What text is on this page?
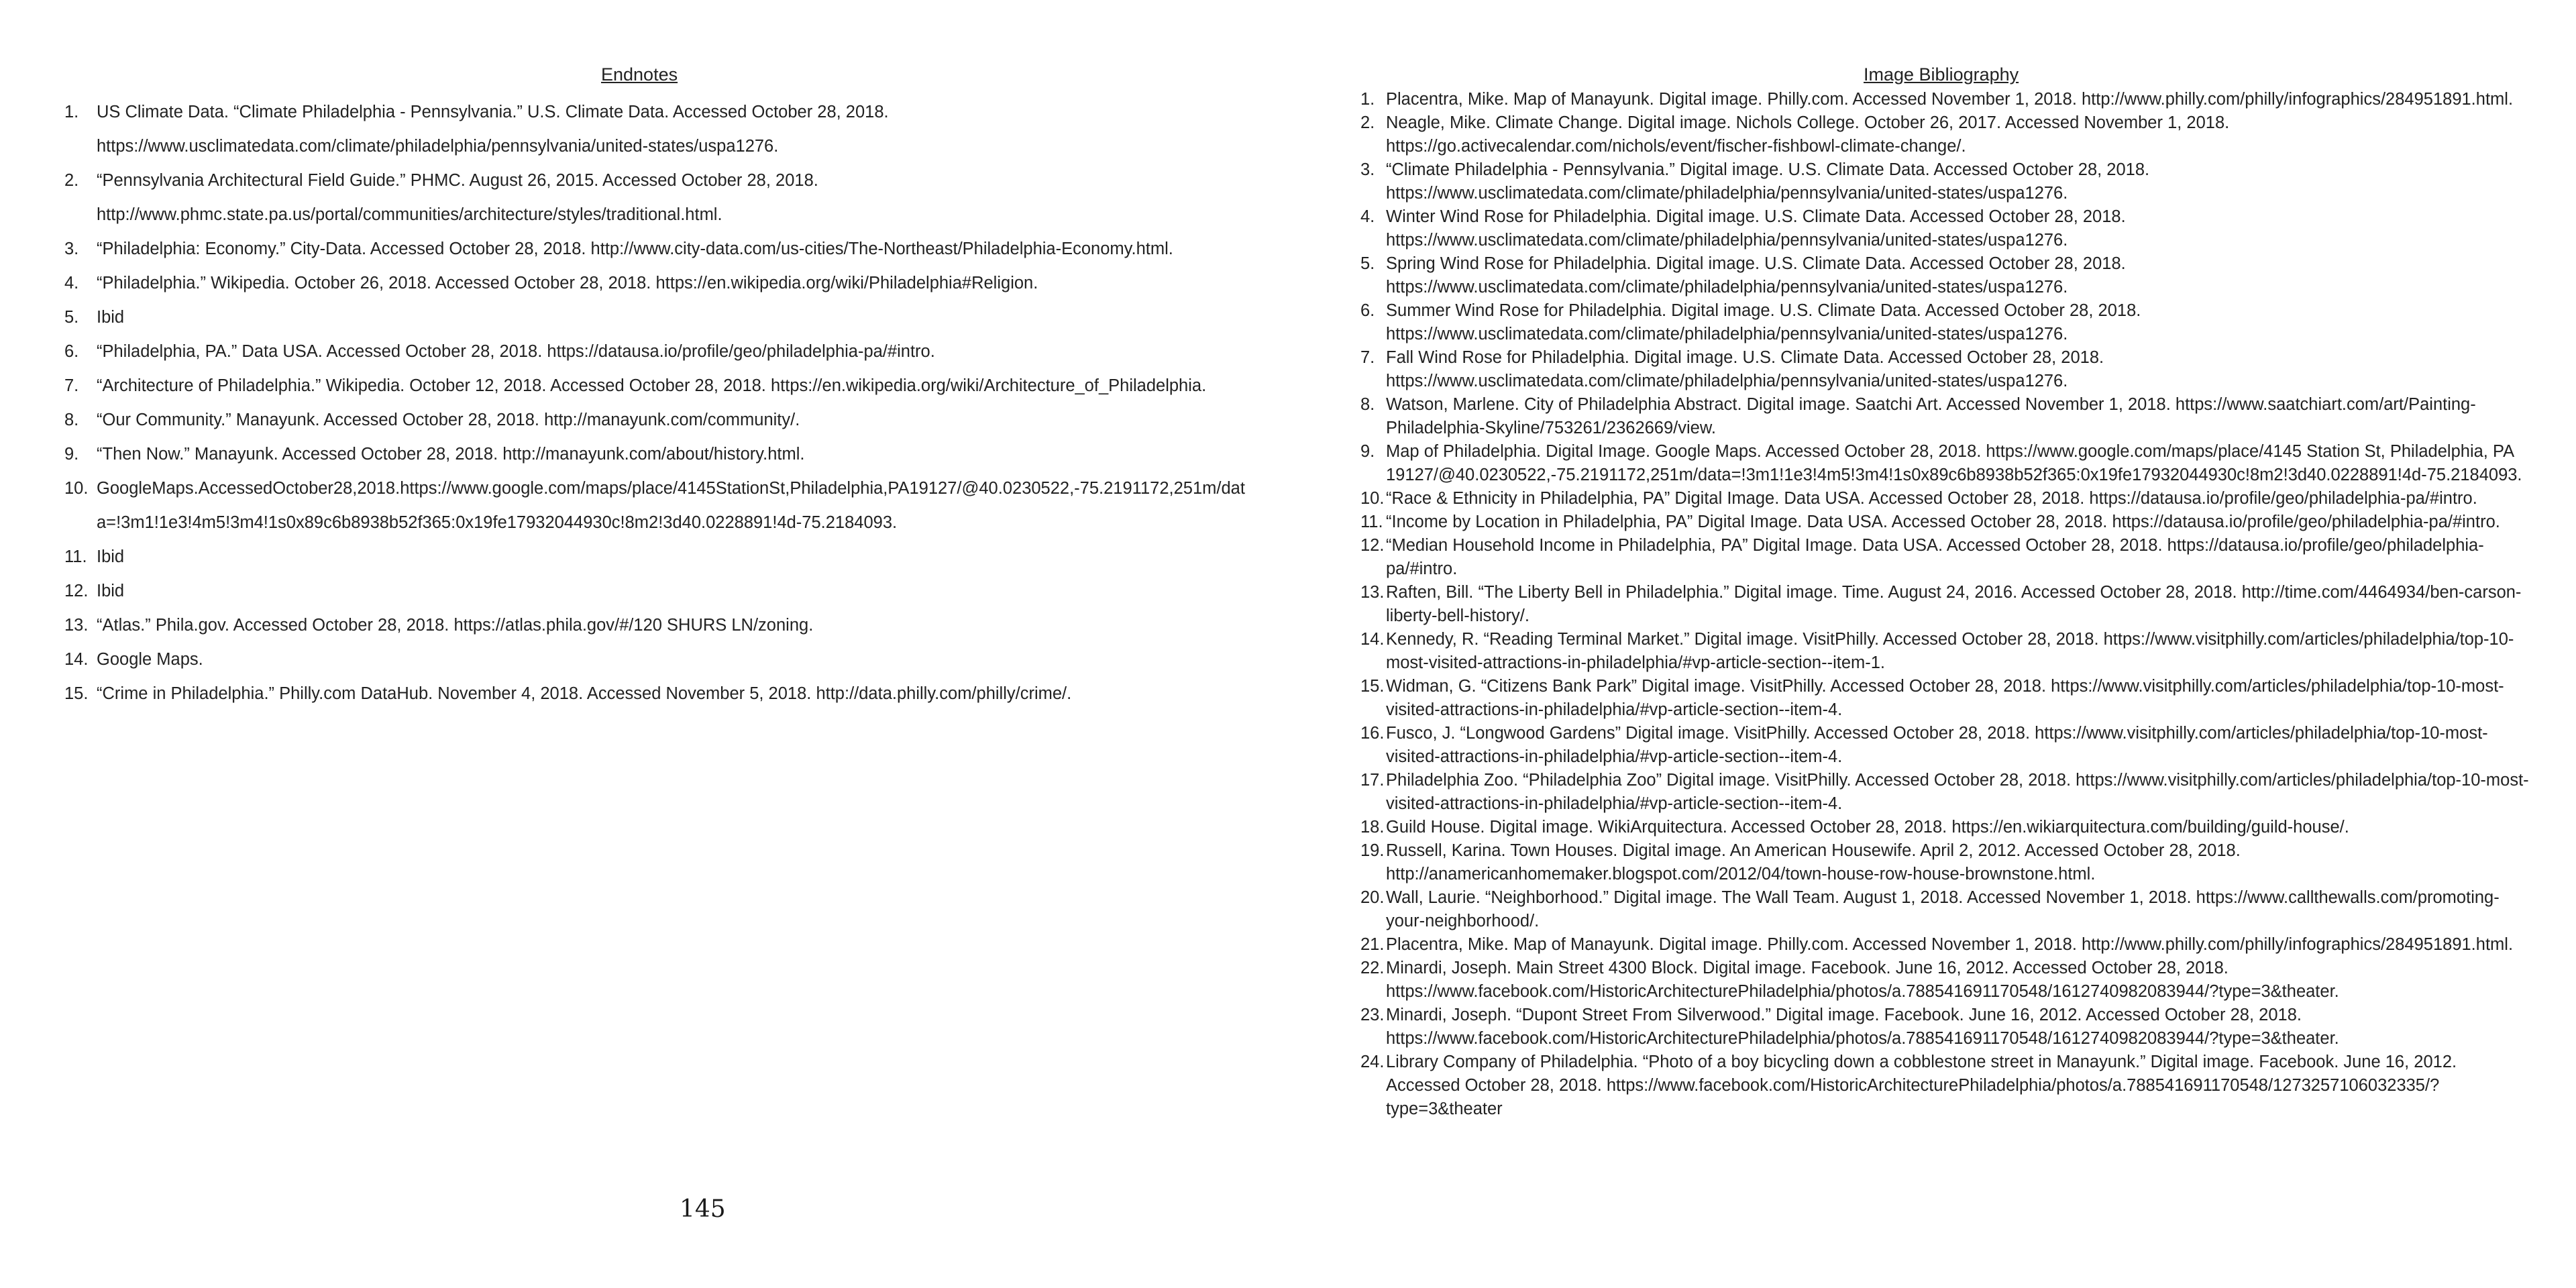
Endnotes
1. US Climate Data. “Climate Philadelphia - Pennsylvania.” U.S. Climate Data. Accessed October 28, 2018. https://www.usclimatedata.com/climate/philadelphia/pennsylvania/united-states/uspa1276.
2. “Pennsylvania Architectural Field Guide.” PHMC. August 26, 2015. Accessed October 28, 2018. http://www.phmc.state.pa.us/portal/communities/architecture/styles/traditional.html.
3. “Philadelphia: Economy.” City-Data. Accessed October 28, 2018. http://www.city-data.com/us-cities/The-Northeast/Philadelphia-Economy.html.
4. “Philadelphia.” Wikipedia. October 26, 2018. Accessed October 28, 2018. https://en.wikipedia.org/wiki/Philadelphia#Religion.
5. Ibid
6. “Philadelphia, PA.” Data USA. Accessed October 28, 2018. https://datausa.io/profile/geo/philadelphia-pa/#intro.
7. “Architecture of Philadelphia.” Wikipedia. October 12, 2018. Accessed October 28, 2018. https://en.wikipedia.org/wiki/Architecture_of_Philadelphia.
8. “Our Community.” Manayunk. Accessed October 28, 2018. http://manayunk.com/community/.
9. “Then Now.” Manayunk. Accessed October 28, 2018. http://manayunk.com/about/history.html.
10. GoogleMaps.AccessedOctober28,2018.https://www.google.com/maps/place/4145StationSt,Philadelphia,PA19127/@40.0230522,-75.2191172,251m/data=!3m1!1e3!4m5!3m4!1s0x89c6b8938b52f365:0x19fe17932044930c!8m2!3d40.0228891!4d-75.2184093.
11. Ibid
12. Ibid
13. “Atlas.” Phila.gov. Accessed October 28, 2018. https://atlas.phila.gov/#/120 SHURS LN/zoning.
14. Google Maps.
15. “Crime in Philadelphia.” Philly.com DataHub. November 4, 2018. Accessed November 5, 2018. http://data.philly.com/philly/crime/.
145
Image Bibliography
1. Placentra, Mike. Map of Manayunk. Digital image. Philly.com. Accessed November 1, 2018. http://www.philly.com/philly/infographics/284951891.html.
2. Neagle, Mike. Climate Change. Digital image. Nichols College. October 26, 2017. Accessed November 1, 2018. https://go.activecalendar.com/nichols/event/fischer-fishbowl-climate-change/.
3. “Climate Philadelphia - Pennsylvania.” Digital image. U.S. Climate Data. Accessed October 28, 2018. https://www.usclimatedata.com/climate/philadelphia/pennsylvania/united-states/uspa1276.
4. Winter Wind Rose for Philadelphia. Digital image. U.S. Climate Data. Accessed October 28, 2018. https://www.usclimatedata.com/climate/philadelphia/pennsylvania/united-states/uspa1276.
5. Spring Wind Rose for Philadelphia. Digital image. U.S. Climate Data. Accessed October 28, 2018. https://www.usclimatedata.com/climate/philadelphia/pennsylvania/united-states/uspa1276.
6. Summer Wind Rose for Philadelphia. Digital image. U.S. Climate Data. Accessed October 28, 2018. https://www.usclimatedata.com/climate/philadelphia/pennsylvania/united-states/uspa1276.
7. Fall Wind Rose for Philadelphia. Digital image. U.S. Climate Data. Accessed October 28, 2018. https://www.usclimatedata.com/climate/philadelphia/pennsylvania/united-states/uspa1276.
8. Watson, Marlene. City of Philadelphia Abstract. Digital image. Saatchi Art. Accessed November 1, 2018. https://www.saatchiart.com/art/Painting-Philadelphia-Skyline/753261/2362669/view.
9. Map of Philadelphia. Digital Image. Google Maps. Accessed October 28, 2018. https://www.google.com/maps/place/4145 Station St, Philadelphia, PA 19127/@40.0230522,-75.2191172,251m/data=!3m1!1e3!4m5!3m4!1s0x89c6b8938b52f365:0x19fe17932044930c!8m2!3d40.0228891!4d-75.2184093.
10. “Race & Ethnicity in Philadelphia, PA” Digital Image. Data USA. Accessed October 28, 2018. https://datausa.io/profile/geo/philadelphia-pa/#intro.
11. “Income by Location in Philadelphia, PA” Digital Image. Data USA. Accessed October 28, 2018. https://datausa.io/profile/geo/philadelphia-pa/#intro.
12. “Median Household Income in Philadelphia, PA” Digital Image. Data USA. Accessed October 28, 2018. https://datausa.io/profile/geo/philadelphia-pa/#intro.
13. Raften, Bill. “The Liberty Bell in Philadelphia.” Digital image. Time. August 24, 2016. Accessed October 28, 2018. http://time.com/4464934/ben-carson-liberty-bell-history/.
14. Kennedy, R. “Reading Terminal Market.” Digital image. VisitPhilly. Accessed October 28, 2018. https://www.visitphilly.com/articles/philadelphia/top-10-most-visited-attractions-in-philadelphia/#vp-article-section--item-1.
15. Widman, G. “Citizens Bank Park” Digital image. VisitPhilly. Accessed October 28, 2018. https://www.visitphilly.com/articles/philadelphia/top-10-most-visited-attractions-in-philadelphia/#vp-article-section--item-4.
16. Fusco, J. “Longwood Gardens” Digital image. VisitPhilly. Accessed October 28, 2018. https://www.visitphilly.com/articles/philadelphia/top-10-most-visited-attractions-in-philadelphia/#vp-article-section--item-4.
17. Philadelphia Zoo. “Philadelphia Zoo” Digital image. VisitPhilly. Accessed October 28, 2018. https://www.visitphilly.com/articles/philadelphia/top-10-most-visited-attractions-in-philadelphia/#vp-article-section--item-4.
18. Guild House. Digital image. WikiArquitectura. Accessed October 28, 2018. https://en.wikiarquitectura.com/building/guild-house/.
19. Russell, Karina. Town Houses. Digital image. An American Housewife. April 2, 2012. Accessed October 28, 2018. http://anamericanhomemaker.blogspot.com/2012/04/town-house-row-house-brownstone.html.
20. Wall, Laurie. “Neighborhood.” Digital image. The Wall Team. August 1, 2018. Accessed November 1, 2018. https://www.callthewalls.com/promoting-your-neighborhood/.
21. Placentra, Mike. Map of Manayunk. Digital image. Philly.com. Accessed November 1, 2018. http://www.philly.com/philly/infographics/284951891.html.
22. Minardi, Joseph. Main Street 4300 Block. Digital image. Facebook. June 16, 2012. Accessed October 28, 2018. https://www.facebook.com/HistoricArchitecturePhiladelphia/photos/a.788541691170548/1612740982083944/?type=3&theater.
23. Minardi, Joseph. “Dupont Street From Silverwood.” Digital image. Facebook. June 16, 2012. Accessed October 28, 2018. https://www.facebook.com/HistoricArchitecturePhiladelphia/photos/a.788541691170548/1612740982083944/?type=3&theater.
24. Library Company of Philadelphia. “Photo of a boy bicycling down a cobblestone street in Manayunk.” Digital image. Facebook. June 16, 2012. Accessed October 28, 2018. https://www.facebook.com/HistoricArchitecturePhiladelphia/photos/a.788541691170548/1273257106032335/?type=3&theater
